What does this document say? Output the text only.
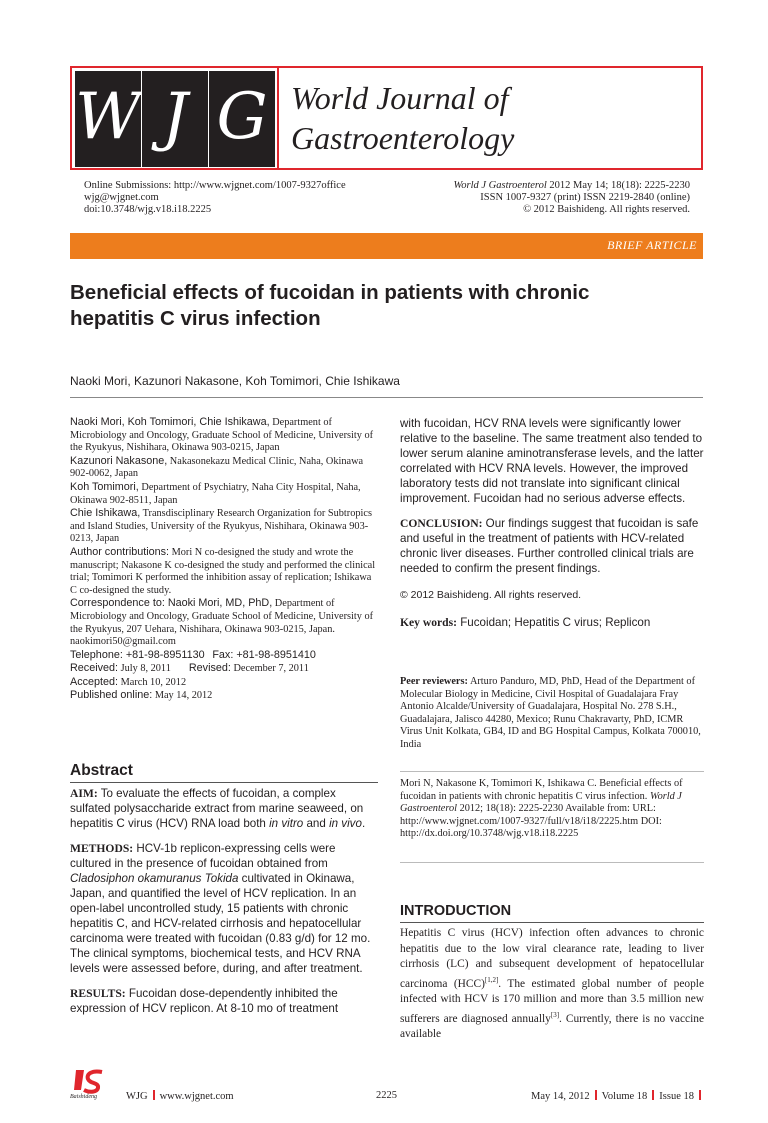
W J G World Journal of
Gastroenterology
Online Submissions: http://www.wjgnet.com/1007-9327office
wjg@wjgnet.com
doi:10.3748/wjg.v18.i18.2225
World J Gastroenterol 2012 May 14; 18(18): 2225-2230
ISSN 1007-9327 (print) ISSN 2219-2840 (online)
© 2012 Baishideng. All rights reserved.
BRIEF ARTICLE
Beneficial effects of fucoidan in patients with chronic
hepatitis C virus infection
Naoki Mori, Kazunori Nakasone, Koh Tomimori, Chie Ishikawa

Naoki Mori, Koh Tomimori, Chie Ishikawa, Department of Microbiology and Oncology, Graduate School of Medicine, University of the Ryukyus, Nishihara, Okinawa 903-0215, Japan

Kazunori Nakasone, Nakasonekazu Medical Clinic, Naha, Okinawa 902-0062, Japan

Koh Tomimori, Department of Psychiatry, Naha City Hospital, Naha, Okinawa 902-8511, Japan

Chie Ishikawa, Transdisciplinary Research Organization for Subtropics and Island Studies, University of the Ryukyus, Nishihara, Okinawa 903-0213, Japan

Author contributions: Mori N co-designed the study and wrote the manuscript; Nakasone K co-designed the study and performed the clinical trial; Tomimori K performed the inhibition assay of replication; Ishikawa C co-designed the study.

Correspondence to: Naoki Mori, MD, PhD, Department of Microbiology and Oncology, Graduate School of Medicine, University of the Ryukyus, 207 Uehara, Nishihara, Okinawa 903-0215, Japan. naokimori50@gmail.com

Telephone: +81-98-8951130 Fax: +81-98-8951410

Received: July 8, 2011 Revised: December 7, 2011

Accepted: March 10, 2012

Published online: May 14, 2012

Abstract

AIM: To evaluate the effects of fucoidan, a complex sulfated polysaccharide extract from marine seaweed, on hepatitis C virus (HCV) RNA load both in vitro and in vivo.

METHODS: HCV-1b replicon-expressing cells were cultured in the presence of fucoidan obtained from Cladosiphon okamuranus Tokida cultivated in Okinawa, Japan, and quantified the level of HCV replication. In an open-label uncontrolled study, 15 patients with chronic hepatitis C, and HCV-related cirrhosis and hepatocellular carcinoma were treated with fucoidan (0.83 g/d) for 12 mo. The clinical symptoms, biochemical tests, and HCV RNA levels were assessed before, during, and after treatment.

RESULTS: Fucoidan dose-dependently inhibited the expression of HCV replicon. At 8-10 mo of treatment

with fucoidan, HCV RNA levels were significantly lower relative to the baseline. The same treatment also tended to lower serum alanine aminotransferase levels, and the latter correlated with HCV RNA levels. However, the improved laboratory tests did not translate into significant clinical improvement. Fucoidan had no serious adverse effects.

CONCLUSION: Our findings suggest that fucoidan is safe and useful in the treatment of patients with HCV-related chronic liver diseases. Further controlled clinical trials are needed to confirm the present findings.

© 2012 Baishideng. All rights reserved.

Key words: Fucoidan; Hepatitis C virus; Replicon

Peer reviewers: Arturo Panduro, MD, PhD, Head of the Department of Molecular Biology in Medicine, Civil Hospital of Guadalajara Fray Antonio Alcalde/University of Guadalajara, Hospital No. 278 S.H., Guadalajara, Jalisco 44280, Mexico; Runu Chakravarty, PhD, ICMR Virus Unit Kolkata, GB4, ID and BG Hospital Campus, Kolkata 700010, India
Mori N, Nakasone K, Tomimori K, Ishikawa C. Beneficial effects of fucoidan in patients with chronic hepatitis C virus infection. World J Gastroenterol 2012; 18(18): 2225-2230 Available from: URL: http://www.wjgnet.com/1007-9327/full/v18/i18/2225.htm DOI: http://dx.doi.org/10.3748/wjg.v18.i18.2225
INTRODUCTION
Hepatitis C virus (HCV) infection often advances to chronic hepatitis due to the low viral clearance rate, leading to liver cirrhosis (LC) and subsequent development of hepatocellular carcinoma (HCC)[1,2]. The estimated global number of people infected with HCV is 170 million and more than 3.5 million new sufferers are diagnosed annually[3]. Currently, there is no vaccine available
Baishideng	WJG www.wjgnet.com	2225	May 14, 2012 Volume 18 Issue 18
